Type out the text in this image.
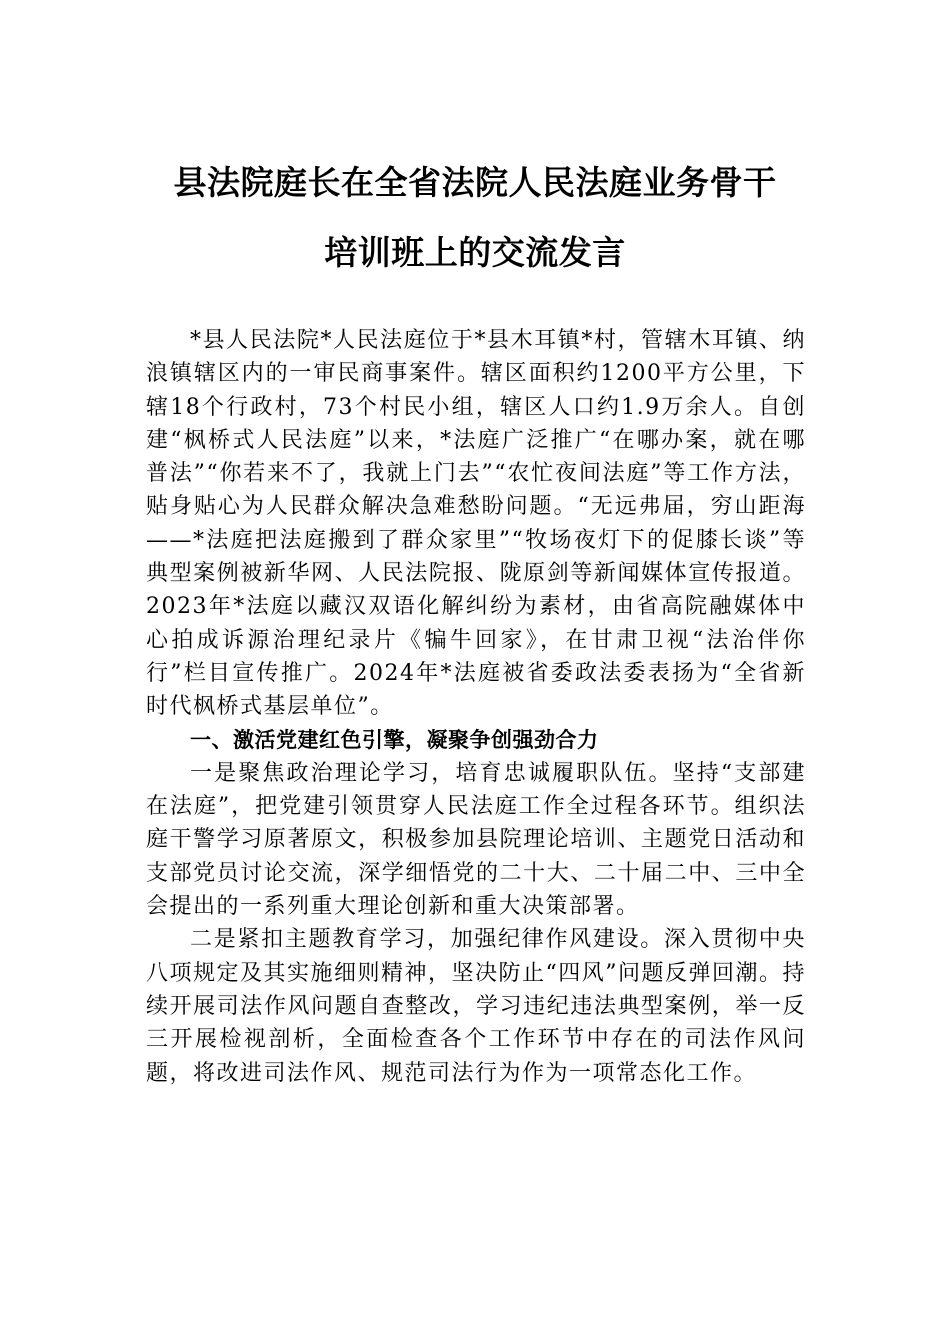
县法院庭长在全省法院人民法庭业务骨干
培训班上的交流发言

*县人民法院*人民法庭位于*县木耳镇*村，管辖木耳镇、纳浪镇辖区内的一审民商事案件。辖区面积约1200平方公里，下辖18个行政村，73个村民小组，辖区人口约1.9万余人。自创建“枫桥式人民法庭”以来，*法庭广泛推广“在哪办案，就在哪普法”“你若来不了，我就上门去”“农忙夜间法庭”等工作方法，贴身贴心为人民群众解决急难愁盼问题。“无远弗届，穷山距海——*法庭把法庭搬到了群众家里”“牧场夜灯下的促膝长谈”等典型案例被新华网、人民法院报、陇原剑等新闻媒体宣传报道。2023年*法庭以藏汉双语化解纠纷为素材，由省高院融媒体中心拍成诉源治理纪录片《犏牛回家》，在甘肃卫视“法治伴你行”栏目宣传推广。2024年*法庭被省委政法委表扬为“全省新时代枫桥式基层单位”。

一、激活党建红色引擎，凝聚争创强劲合力

一是聚焦政治理论学习，培育忠诚履职队伍。坚持“支部建在法庭”，把党建引领贯穿人民法庭工作全过程各环节。组织法庭干警学习原著原文，积极参加县院理论培训、主题党日活动和支部党员讨论交流，深学细悟党的二十大、二十届二中、三中全会提出的一系列重大理论创新和重大决策部署。

二是紧扣主题教育学习，加强纪律作风建设。深入贯彻中央八项规定及其实施细则精神，坚决防止“四风”问题反弹回潮。持续开展司法作风问题自查整改，学习违纪违法典型案例，举一反三开展检视剖析，全面检查各个工作环节中存在的司法作风问题，将改进司法作风、规范司法行为作为一项常态化工作。
